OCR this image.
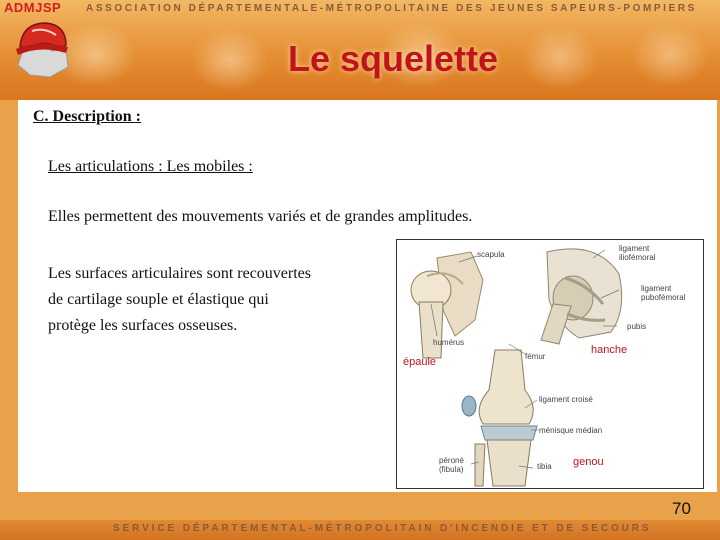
ADMJSP ASSOCIATION DÉPARTEMENTALE-MÉTROPOLITAINE DES JEUNES SAPEURS-POMPIERS
Le squelette
C. Description :
Les articulations : Les mobiles :
Elles permettent des mouvements variés et de grandes amplitudes.
Les surfaces articulaires sont recouvertes
de cartilage souple et élastique qui
protège les surfaces osseuses.
scapula
humérus
fémur
ligament
iliofémoral
ligament
pubofémoral
pubis
ligament croisé
ménisque médian
péroné
(fibula)	tibia
épaule
hanche
genou
70
SERVICE DÉPARTEMENTAL-MÉTROPOLITAIN D'INCENDIE ET DE SECOURS
